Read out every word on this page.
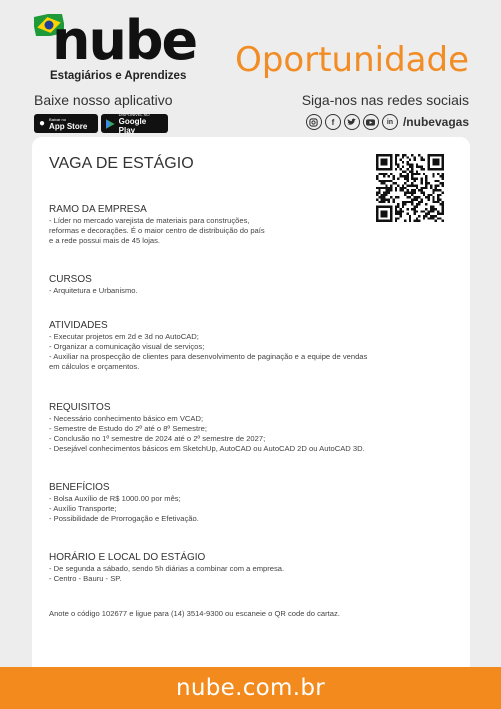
nube
Estagiários e Aprendizes Oportunidade
Baixe nosso aplicativo	Siga-nos nas redes sociais
● Baixar no
App Store
DISPONÍVEL NO
Google Play
f	in /nubevagas
VAGA DE ESTÁGIO
RAMO DA EMPRESA
- Líder no mercado varejista de materiais para construções,
reformas e decorações. É o maior centro de distribuição do país
e a rede possui mais de 45 lojas.
CURSOS
- Arquitetura e Urbanismo.
ATIVIDADES
- Executar projetos em 2d e 3d no AutoCAD;
- Organizar a comunicação visual de serviços;
- Auxiliar na prospecção de clientes para desenvolvimento de paginação e a equipe de vendas
em cálculos e orçamentos.
REQUISITOS
- Necessário conhecimento básico em VCAD;
- Semestre de Estudo do 2º até o 8º Semestre;
- Conclusão no 1º semestre de 2024 até o 2º semestre de 2027;
- Desejável conhecimentos básicos em SketchUp, AutoCAD ou AutoCAD 2D ou AutoCAD 3D.
BENEFÍCIOS
- Bolsa Auxílio de R$ 1000.00 por mês;
- Auxílio Transporte;
- Possibilidade de Prorrogação e Efetivação.
HORÁRIO E LOCAL DO ESTÁGIO
- De segunda a sábado, sendo 5h diárias a combinar com a empresa.
- Centro - Bauru - SP.
Anote o código 102677 e ligue para (14) 3514-9300 ou escaneie o QR code do cartaz.
nube.com.br
